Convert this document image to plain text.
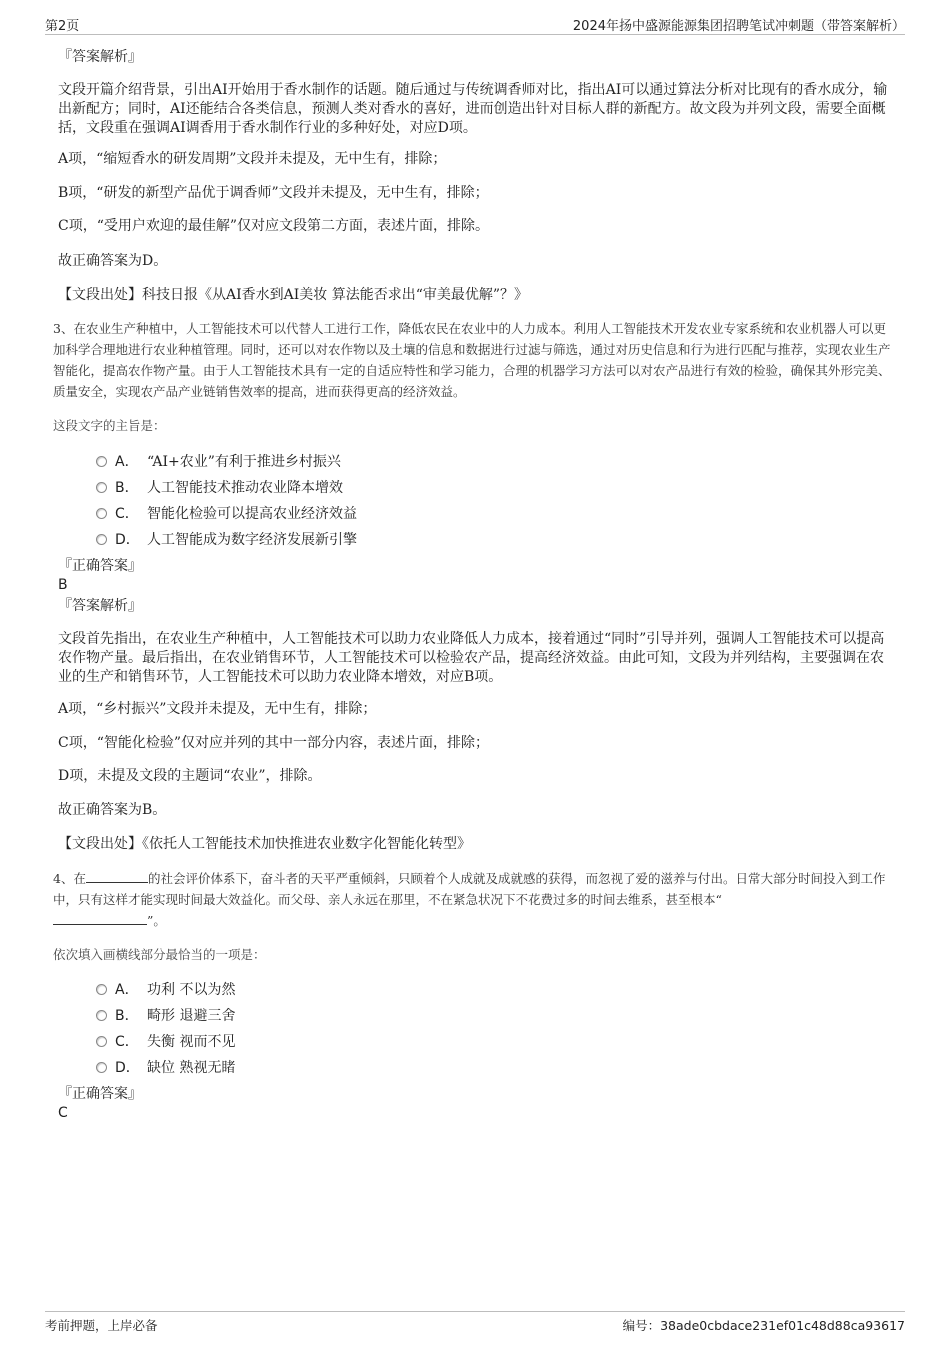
第2页	2024年扬中盛源能源集团招聘笔试冲刺题（带答案解析）
『答案解析』
文段开篇介绍背景，引出AI开始用于香水制作的话题。随后通过与传统调香师对比，指出AI可以通过算法分析对比现有的香水成分，输出新配方；同时，AI还能结合各类信息，预测人类对香水的喜好，进而创造出针对目标人群的新配方。故文段为并列文段，需要全面概括，文段重在强调AI调香用于香水制作行业的多种好处，对应D项。
A项，“缩短香水的研发周期”文段并未提及，无中生有，排除；
B项，“研发的新型产品优于调香师”文段并未提及，无中生有，排除；
C项，“受用户欢迎的最佳解”仅对应文段第二方面，表述片面，排除。
故正确答案为D。
【文段出处】科技日报《从AI香水到AI美妆 算法能否求出“审美最优解”？》
3、在农业生产种植中，人工智能技术可以代替人工进行工作，降低农民在农业中的人力成本。利用人工智能技术开发农业专家系统和农业机器人可以更加科学合理地进行农业种植管理。同时，还可以对农作物以及土壤的信息和数据进行过滤与筛选，通过对历史信息和行为进行匹配与推荐，实现农业生产智能化，提高农作物产量。由于人工智能技术具有一定的自适应特性和学习能力，合理的机器学习方法可以对农产品进行有效的检验，确保其外形完美、质量安全，实现农产品产业链销售效率的提高，进而获得更高的经济效益。
这段文字的主旨是：
A． “AI+农业”有利于推进乡村振兴
B． 人工智能技术推动农业降本增效
C． 智能化检验可以提高农业经济效益
D． 人工智能成为数字经济发展新引擎
『正确答案』
B
『答案解析』
文段首先指出，在农业生产种植中，人工智能技术可以助力农业降低人力成本，接着通过“同时”引导并列，强调人工智能技术可以提高农作物产量。最后指出，在农业销售环节，人工智能技术可以检验农产品，提高经济效益。由此可知，文段为并列结构，主要强调在农业的生产和销售环节，人工智能技术可以助力农业降本增效，对应B项。
A项，“乡村振兴”文段并未提及，无中生有，排除；
C项，“智能化检验”仅对应并列的其中一部分内容，表述片面，排除；
D项，未提及文段的主题词“农业”，排除。
故正确答案为B。
【文段出处】《依托人工智能技术加快推进农业数字化智能化转型》
4、在	的社会评价体系下，奋斗者的天平严重倾斜，只顾着个人成就及成就感的获得，而忽视了爱的滋养与付出。日常大部分时间投入到工作中，只有这样才能实现时间最大效益化。而父母、亲人永远在那里，不在紧急状况下不花费过多的时间去维系，甚至根本“
”。
依次填入画横线部分最恰当的一项是：
A． 功利 不以为然
B． 畸形 退避三舍
C． 失衡 视而不见
D． 缺位 熟视无睹
『正确答案』
C
考前押题，上岸必备	编号：38ade0cbdace231ef01c48d88ca93617
